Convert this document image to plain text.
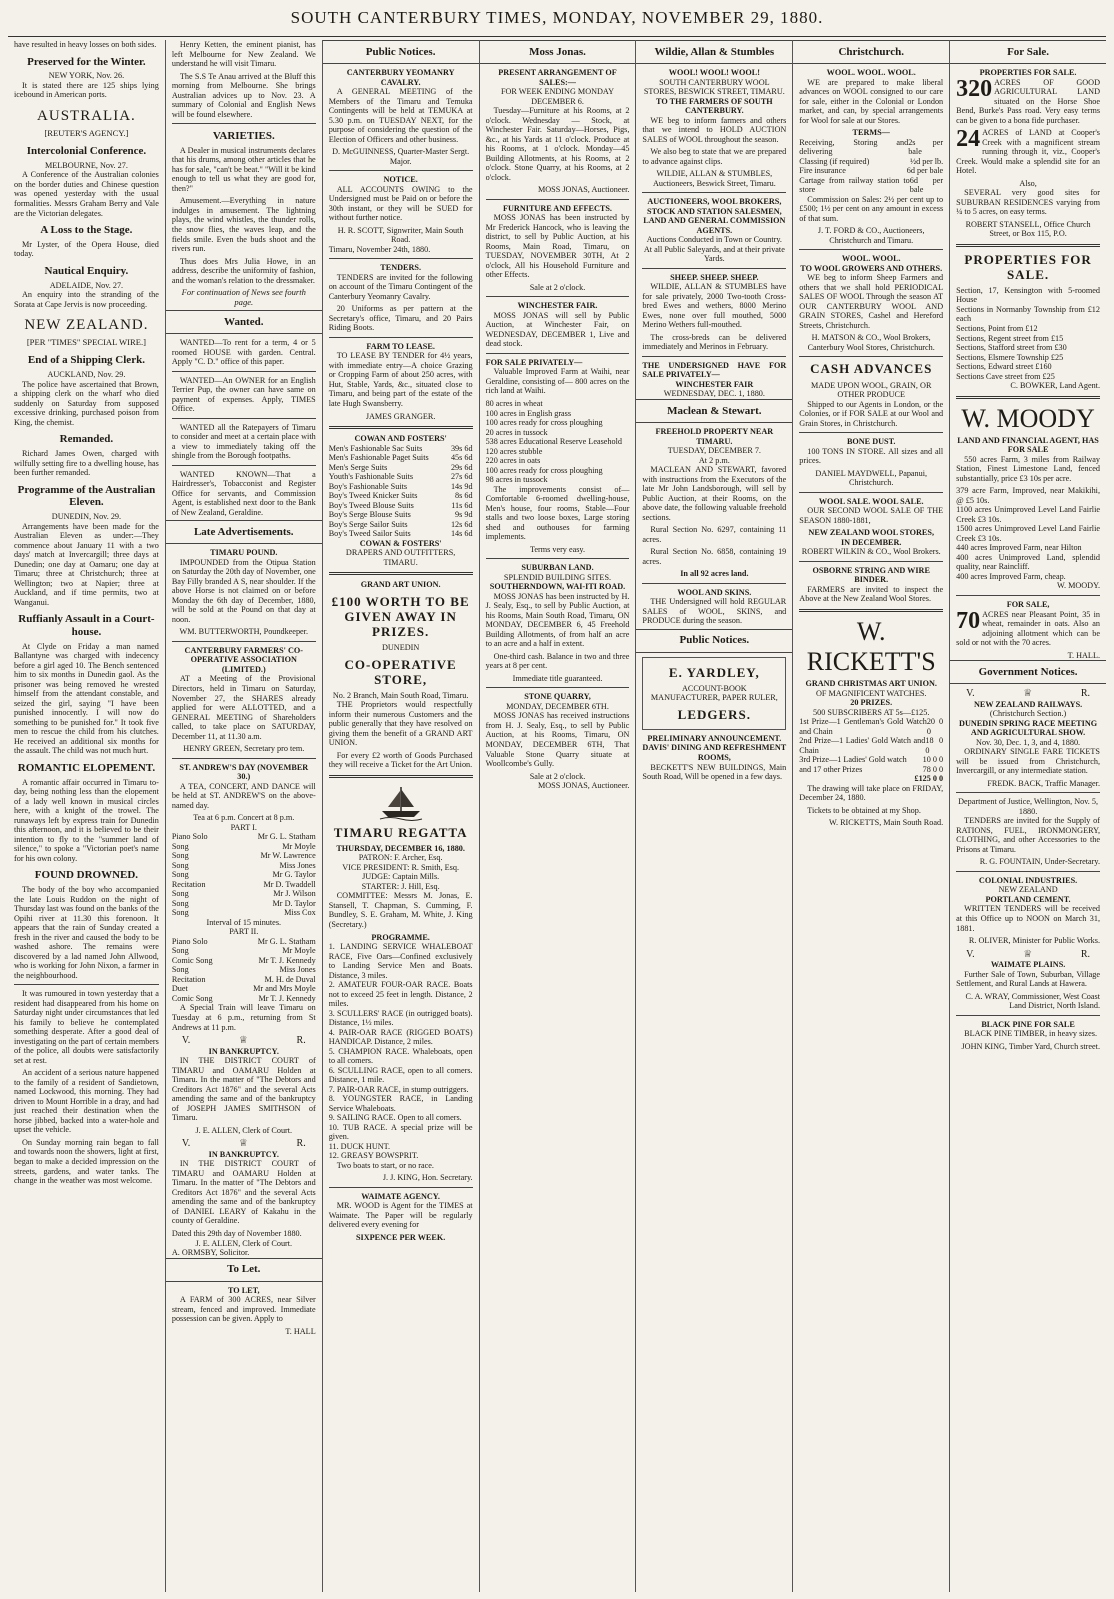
SOUTH CANTERBURY TIMES, MONDAY, NOVEMBER 29, 1880.

have resulted in heavy losses on both sides.

Preserved for the Winter.
NEW YORK, Nov. 26.

It is stated there are 125 ships lying icebound in American ports.

AUSTRALIA.
[REUTER'S AGENCY.]
Intercolonial Conference.
MELBOURNE, Nov. 27.

A Conference of the Australian colonies on the border duties and Chinese question was opened yesterday with the usual formalities. Messrs Graham Berry and Vale are the Victorian delegates.

A Loss to the Stage.

Mr Lyster, of the Opera House, died today.

Nautical Enquiry.
ADELAIDE, Nov. 27.

An enquiry into the stranding of the Sorata at Cape Jervis is now proceeding.

NEW ZEALAND.
[PER "TIMES" SPECIAL WIRE.]
End of a Shipping Clerk.
AUCKLAND, Nov. 29.

The police have ascertained that Brown, a shipping clerk on the wharf who died suddenly on Saturday from supposed excessive drinking, purchased poison from King, the chemist.

Remanded.

Richard James Owen, charged with wilfully setting fire to a dwelling house, has been further remanded.

Programme of the Australian Eleven.
DUNEDIN, Nov. 29.

Arrangements have been made for the Australian Eleven as under:—They commence about January 11 with a two days' match at Invercargill; three days at Dunedin; one day at Oamaru; one day at Timaru; three at Christchurch; three at Wellington; two at Napier; three at Auckland, and if time permits, two at Wanganui.

Ruffianly Assault in a Court-house.

At Clyde on Friday a man named Ballantyne was charged with indecency before a girl aged 10. The Bench sentenced him to six months in Dunedin gaol. As the prisoner was being removed he wrested himself from the attendant constable, and seized the girl, saying "I have been punished innocently. I will now do something to be punished for." It took five men to rescue the child from his clutches. He received an additional six months for the assault. The child was not much hurt.

ROMANTIC ELOPEMENT.

A romantic affair occurred in Timaru to-day, being nothing less than the elopement of a lady well known in musical circles here, with a knight of the trowel. The runaways left by express train for Dunedin this afternoon, and it is believed to be their intention to fly to the "summer land of silence," to spoke a "Victorian poet's name for his own colony.

FOUND DROWNED.

The body of the boy who accompanied the late Louis Ruddon on the night of Thursday last was found on the banks of the Opihi river at 11.30 this forenoon. It appears that the rain of Sunday created a fresh in the river and caused the body to be washed ashore. The remains were discovered by a lad named John Allwood, who is working for John Nixon, a farmer in the neighbourhood.

It was rumoured in town yesterday that a resident had disappeared from his home on Saturday night under circumstances that led his family to believe he contemplated something desperate. After a good deal of investigating on the part of certain members of the police, all doubts were satisfactorily set at rest.

An accident of a serious nature happened to the family of a resident of Sandietown, named Lockwood, this morning. They had driven to Mount Horrible in a dray, and had just reached their destination when the horse jibbed, backed into a water-hole and upset the vehicle.

On Sunday morning rain began to fall and towards noon the showers, light at first, began to make a decided impression on the streets, gardens, and water tanks. The change in the weather was most welcome.

Henry Ketten, the eminent pianist, has left Melbourne for New Zealand. We understand he will visit Timaru.

The S.S Te Anau arrived at the Bluff this morning from Melbourne. She brings Australian advices up to Nov. 23. A summary of Colonial and English News will be found elsewhere.

VARIETIES.

A Dealer in musical instruments declares that his drums, among other articles that he has for sale, "can't be beat." "Will it be kind enough to tell us what they are good for, then?"

Amusement.—Everything in nature indulges in amusement. The lightning plays, the wind whistles, the thunder rolls, the snow flies, the waves leap, and the fields smile. Even the buds shoot and the rivers run.

Thus does Mrs Julia Howe, in an address, describe the uniformity of fashion, and the woman's relation to the dressmaker.

For continuation of News see fourth page.
Wanted.

WANTED—To rent for a term, 4 or 5 roomed HOUSE with garden. Central. Apply "C. D." office of this paper.

WANTED—An OWNER for an English Terrier Pup, the owner can have same on payment of expenses. Apply, TIMES Office.

WANTED all the Ratepayers of Timaru to consider and meet at a certain place with a view to immediately taking off the shingle from the Borough footpaths.

WANTED KNOWN—That a Hairdresser's, Tobacconist and Register Office for servants, and Commission Agent, is established next door to the Bank of New Zealand, Geraldine.

Late Advertisements.
TIMARU POUND.

IMPOUNDED from the Otipua Station on Saturday the 20th day of November, one Bay Filly branded A S, near shoulder. If the above Horse is not claimed on or before Monday the 6th day of December, 1880, will be sold at the Pound on that day at noon.

WM. BUTTERWORTH, Poundkeeper.
CANTERBURY FARMERS' CO-OPERATIVE ASSOCIATION (LIMITED.)

AT a Meeting of the Provisional Directors, held in Timaru on Saturday, November 27, the SHARES already applied for were ALLOTTED, and a GENERAL MEETING of Shareholders called, to take place on SATURDAY, December 11, at 11.30 a.m.

HENRY GREEN, Secretary pro tem.
ST. ANDREW'S DAY (NOVEMBER 30.)

A TEA, CONCERT, AND DANCE will be held at ST. ANDREW'S on the above-named day.

Tea at 6 p.m. Concert at 8 p.m.
PART I.
Piano Solo	Mr G. L. Statham
Song	Mr Moyle
Song	Mr W. Lawrence
Song	Miss Jones
Song	Mr G. Taylor
Recitation	Mr D. Twaddell
Song	Mr J. Wilson
Song	Mr D. Taylor
Song	Miss Cox
Interval of 15 minutes.
PART II.
Piano Solo	Mr G. L. Statham
Song	Mr Moyle
Comic Song	Mr T. J. Kennedy
Song	Miss Jones
Recitation	M. H. de Duval
Duet	Mr and Mrs Moyle
Comic Song	Mr T. J. Kennedy

A Special Train will leave Timaru on Tuesday at 6 p.m., returning from St Andrews at 11 p.m.

V.	♕	R.
IN BANKRUPTCY.

IN THE DISTRICT COURT of TIMARU and OAMARU Holden at Timaru. In the matter of "The Debtors and Creditors Act 1876" and the several Acts amending the same and of the bankruptcy of JOSEPH JAMES SMITHSON of Timaru.

J. E. ALLEN, Clerk of Court.
V.	♕	R.
IN BANKRUPTCY.

IN THE DISTRICT COURT of TIMARU and OAMARU Holden at Timaru. In the matter of "The Debtors and Creditors Act 1876" and the several Acts amending the same and of the bankruptcy of DANIEL LEARY of Kakahu in the county of Geraldine.

Dated this 29th day of November 1880.
J. E. ALLEN, Clerk of Court.
A. ORMSBY, Solicitor.
To Let.
TO LET,

A FARM of 300 ACRES, near Silver stream, fenced and improved. Immediate possession can be given. Apply to

T. HALL
Public Notices.
CANTERBURY YEOMANRY CAVALRY.

A GENERAL MEETING of the Members of the Timaru and Temuka Contingents will be held at TEMUKA at 5.30 p.m. on TUESDAY NEXT, for the purpose of considering the question of the Election of Officers and other business.

D. McGUINNESS, Quarter-Master Sergt. Major.
NOTICE.

ALL ACCOUNTS OWING to the Undersigned must be Paid on or before the 30th instant, or they will be SUED for without further notice.

H. R. SCOTT, Signwriter, Main South Road.
Timaru, November 24th, 1880.
TENDERS.

TENDERS are invited for the following on account of the Timaru Contingent of the Canterbury Yeomanry Cavalry.

20 Uniforms as per pattern at the Secretary's office, Timaru, and 20 Pairs Riding Boots.

FARM TO LEASE.

TO LEASE BY TENDER for 4½ years, with immediate entry—A choice Grazing or Cropping Farm of about 250 acres, with Hut, Stable, Yards, &c., situated close to Timaru, and being part of the estate of the late Hugh Swansberry.

JAMES GRANGER.
COWAN AND FOSTERS'
Men's Fashionable Sac Suits	39s 6d
Men's Fashionable Paget Suits	45s 6d
Men's Serge Suits	29s 6d
Youth's Fashionable Suits	27s 6d
Boy's Fashionable Suits	14s 9d
Boy's Tweed Knicker Suits	8s 6d
Boy's Tweed Blouse Suits	11s 6d
Boy's Serge Blouse Suits	9s 9d
Boy's Serge Sailor Suits	12s 6d
Boy's Tweed Sailor Suits	14s 6d
COWAN & FOSTERS'
DRAPERS AND OUTFITTERS, TIMARU.
GRAND ART UNION.
£100 WORTH TO BE GIVEN AWAY IN PRIZES.
DUNEDIN
CO-OPERATIVE STORE,
No. 2 Branch, Main South Road, Timaru.

THE Proprietors would respectfully inform their numerous Customers and the public generally that they have resolved on giving them the benefit of a GRAND ART UNION.

For every £2 worth of Goods Purchased they will receive a Ticket for the Art Union.

TIMARU REGATTA
THURSDAY, DECEMBER 16, 1880.
PATRON: F. Archer, Esq.
VICE PRESIDENT: R. Smith, Esq.
JUDGE: Captain Mills.
STARTER: J. Hill, Esq.

COMMITTEE: Messrs M. Jonas, E. Stansell, T. Chapman, S. Cumming, F. Bundley, S. E. Graham, M. White, J. King (Secretary.)

PROGRAMME.
1. LANDING SERVICE WHALEBOAT RACE, Five Oars—Confined exclusively to Landing Service Men and Boats. Distance, 3 miles.
2. AMATEUR FOUR-OAR RACE. Boats not to exceed 25 feet in length. Distance, 2 miles.
3. SCULLERS' RACE (in outrigged boats). Distance, 1½ miles.
4. PAIR-OAR RACE (RIGGED BOATS) HANDICAP. Distance, 2 miles.
5. CHAMPION RACE. Whaleboats, open to all comers.
6. SCULLING RACE, open to all comers. Distance, 1 mile.
7. PAIR-OAR RACE, in stump outriggers.
8. YOUNGSTER RACE, in Landing Service Whaleboats.
9. SAILING RACE. Open to all comers.
10. TUB RACE. A special prize will be given.
11. DUCK HUNT.
12. GREASY BOWSPRIT.

Two boats to start, or no race.

J. J. KING, Hon. Secretary.
WAIMATE AGENCY.

MR. WOOD is Agent for the TIMES at Waimate. The Paper will be regularly delivered every evening for

SIXPENCE PER WEEK.
Moss Jonas.
PRESENT ARRANGEMENT OF SALES:—
FOR WEEK ENDING MONDAY DECEMBER 6.

Tuesday—Furniture at his Rooms, at 2 o'clock. Wednesday — Stock, at Winchester Fair. Saturday—Horses, Pigs, &c., at his Yards at 11 o'clock. Produce at his Rooms, at 1 o'clock. Monday—45 Building Allotments, at his Rooms, at 2 o'clock. Stone Quarry, at his Rooms, at 2 o'clock.

MOSS JONAS, Auctioneer.
FURNITURE AND EFFECTS.

MOSS JONAS has been instructed by Mr Frederick Hancock, who is leaving the district, to sell by Public Auction, at his Rooms, Main Road, Timaru, on TUESDAY, NOVEMBER 30TH, At 2 o'clock, All his Household Furniture and other Effects.

Sale at 2 o'clock.
WINCHESTER FAIR.

MOSS JONAS will sell by Public Auction, at Winchester Fair, on WEDNESDAY, DECEMBER 1, Live and dead stock.

FOR SALE PRIVATELY—

Valuable Improved Farm at Waihi, near Geraldine, consisting of— 800 acres on the rich land at Waihi.

80 acres in wheat
100 acres in English grass
100 acres ready for cross ploughing
20 acres in tussock
538 acres Educational Reserve Leasehold
120 acres stubble
220 acres in oats
100 acres ready for cross ploughing
98 acres in tussock

The improvements consist of—Comfortable 6-roomed dwelling-house, Men's house, four rooms, Stable—Four stalls and two loose boxes, Large storing shed and outhouses for farming implements.

Terms very easy.
SUBURBAN LAND.
SPLENDID BUILDING SITES.
SOUTHERNDOWN, WAI-ITI ROAD.

MOSS JONAS has been instructed by H. J. Sealy, Esq., to sell by Public Auction, at his Rooms, Main South Road, Timaru, ON MONDAY, DECEMBER 6, 45 Freehold Building Allotments, of from half an acre to an acre and a half in extent.

One-third cash. Balance in two and three years at 8 per cent.

Immediate title guaranteed.
STONE QUARRY,
MONDAY, DECEMBER 6TH.

MOSS JONAS has received instructions from H. J. Sealy, Esq., to sell by Public Auction, at his Rooms, Timaru, ON MONDAY, DECEMBER 6TH, That Valuable Stone Quarry situate at Woollcombe's Gully.

Sale at 2 o'clock.
MOSS JONAS, Auctioneer.
Wildie, Allan & Stumbles
WOOL! WOOL! WOOL!
SOUTH CANTERBURY WOOL STORES, BESWICK STREET, TIMARU.
TO THE FARMERS OF SOUTH CANTERBURY.

WE beg to inform farmers and others that we intend to HOLD AUCTION SALES of WOOL throughout the season.

We also beg to state that we are prepared to advance against clips.

WILDIE, ALLAN & STUMBLES, Auctioneers, Beswick Street, Timaru.
AUCTIONEERS, WOOL BROKERS, STOCK AND STATION SALESMEN, LAND AND GENERAL COMMISSION AGENTS.
Auctions Conducted in Town or Country.
At all Public Saleyards, and at their private Yards.
SHEEP. SHEEP. SHEEP.

WILDIE, ALLAN & STUMBLES have for sale privately, 2000 Two-tooth Cross-bred Ewes and wethers, 8000 Merino Ewes, none over full mouthed, 5000 Merino Wethers full-mouthed.

The cross-breds can be delivered immediately and Merinos in February.

THE UNDERSIGNED HAVE FOR SALE PRIVATELY—
WINCHESTER FAIR
WEDNESDAY, DEC. 1, 1880.
Maclean & Stewart.
FREEHOLD PROPERTY NEAR TIMARU.
TUESDAY, DECEMBER 7.
At 2 p.m.

MACLEAN AND STEWART, favored with instructions from the Executors of the late Mr John Landsborough, will sell by Public Auction, at their Rooms, on the above date, the following valuable freehold sections.

Rural Section No. 6297, containing 11 acres.

Rural Section No. 6858, containing 19 acres.

In all 92 acres land.
WOOL AND SKINS.

THE Undersigned will hold REGULAR SALES of WOOL, SKINS, and PRODUCE during the season.

Public Notices.
E. YARDLEY,
ACCOUNT-BOOK MANUFACTURER, PAPER RULER,
LEDGERS.
PRELIMINARY ANNOUNCEMENT.
DAVIS' DINING AND REFRESHMENT ROOMS,

BECKETT'S NEW BUILDINGS, Main South Road, Will be opened in a few days.

Christchurch.
WOOL. WOOL. WOOL.

WE are prepared to make liberal advances on WOOL consigned to our care for sale, either in the Colonial or London market, and can, by special arrangements for Wool for sale at our Stores.

TERMS—
Receiving, Storing and delivering
2s per bale
Classing (if required)	½d per lb.
Fire insurance	6d per bale
Cartage from railway station to store
6d per bale

Commission on Sales: 2½ per cent up to £500; 1½ per cent on any amount in excess of that sum.

J. T. FORD & CO., Auctioneers, Christchurch and Timaru.
WOOL. WOOL.
TO WOOL GROWERS AND OTHERS.

WE beg to inform Sheep Farmers and others that we shall hold PERIODICAL SALES OF WOOL Through the season AT OUR CANTERBURY WOOL AND GRAIN STORES, Cashel and Hereford Streets, Christchurch.

H. MATSON & CO., Wool Brokers, Canterbury Wool Stores, Christchurch.
CASH ADVANCES
MADE UPON WOOL, GRAIN, OR OTHER PRODUCE

Shipped to our Agents in London, or the Colonies, or if FOR SALE at our Wool and Grain Stores, in Christchurch.

BONE DUST.

100 TONS IN STORE. All sizes and all prices.

DANIEL MAYDWELL, Papanui, Christchurch.
WOOL SALE. WOOL SALE.

OUR SECOND WOOL SALE OF THE SEASON 1880-1881,

NEW ZEALAND WOOL STORES,
IN DECEMBER.
ROBERT WILKIN & CO., Wool Brokers.
OSBORNE STRING AND WIRE BINDER.

FARMERS are invited to inspect the Above at the New Zealand Wool Stores.

W. RICKETT'S
GRAND CHRISTMAS ART UNION.
OF MAGNIFICENT WATCHES.
20 PRIZES.
500 SUBSCRIBERS AT 5s—£125.
1st Prize—1 Gentleman's Gold Watch and Chain
20 0 0
2nd Prize—1 Ladies' Gold Watch and Chain
18 0 0
3rd Prize—1 Ladies' Gold watch 10 0 0
and 17 other Prizes	78 0 0
£125 0 0

The drawing will take place on FRIDAY, December 24, 1880.

Tickets to be obtained at my Shop.

W. RICKETTS, Main South Road.
For Sale.
PROPERTIES FOR SALE.

320 ACRES OF GOOD AGRICULTURAL LAND situated on the Horse Shoe Bend, Burke's Pass road. Very easy terms can be given to a bona fide purchaser.

24 ACRES of LAND at Cooper's Creek with a magnificent stream running through it, viz., Cooper's Creek. Would make a splendid site for an Hotel.

Also,

SEVERAL very good sites for SUBURBAN RESIDENCES varying from ¼ to 5 acres, on easy terms.

ROBERT STANSELL, Office Church Street, or Box 115, P.O.
PROPERTIES FOR SALE.
Section, 17, Kensington with 5-roomed House
Sections in Normanby Township from £12 each
Sections, Point from £12
Sections, Regent street from £15
Sections, Stafford street from £30
Sections, Elsmere Township £25
Sections, Edward street £160
Sections Cave street from £25
C. BOWKER, Land Agent.
W. MOODY
LAND AND FINANCIAL AGENT, HAS FOR SALE

550 acres Farm, 3 miles from Railway Station, Finest Limestone Land, fenced substantially, price £3 10s per acre.

379 acre Farm, Improved, near Makikihi, @ £5 10s.
1100 acres Unimproved Level Land Fairlie Creek £3 10s.
1500 acres Unimproved Level Land Fairlie Creek £3 10s.
440 acres Improved Farm, near Hilton
400 acres Unimproved Land, splendid quality, near Raincliff.
400 acres Improved Farm, cheap.
W. MOODY.
FOR SALE,

70 ACRES near Pleasant Point, 35 in wheat, remainder in oats. Also an adjoining allotment which can be sold or not with the 70 acres.

T. HALL.
Government Notices.
V.	♕	R.
NEW ZEALAND RAILWAYS.
(Christchurch Section.)
DUNEDIN SPRING RACE MEETING AND AGRICULTURAL SHOW.
Nov. 30, Dec. 1, 3, and 4, 1880.

ORDINARY SINGLE FARE TICKETS will be issued from Christchurch, Invercargill, or any intermediate station.

FREDK. BACK, Traffic Manager.
Department of Justice, Wellington, Nov. 5, 1880.

TENDERS are invited for the Supply of RATIONS, FUEL, IRONMONGERY, CLOTHING, and other Accessories to the Prisons at Timaru.

R. G. FOUNTAIN, Under-Secretary.
COLONIAL INDUSTRIES.
NEW ZEALAND
PORTLAND CEMENT.

WRITTEN TENDERS will be received at this Office up to NOON on March 31, 1881.

R. OLIVER, Minister for Public Works.
V.	♕	R.
WAIMATE PLAINS.

Further Sale of Town, Suburban, Village Settlement, and Rural Lands at Hawera.

C. A. WRAY, Commissioner, West Coast Land District, North Island.
BLACK PINE FOR SALE

BLACK PINE TIMBER, in heavy sizes.

JOHN KING, Timber Yard, Church street.
